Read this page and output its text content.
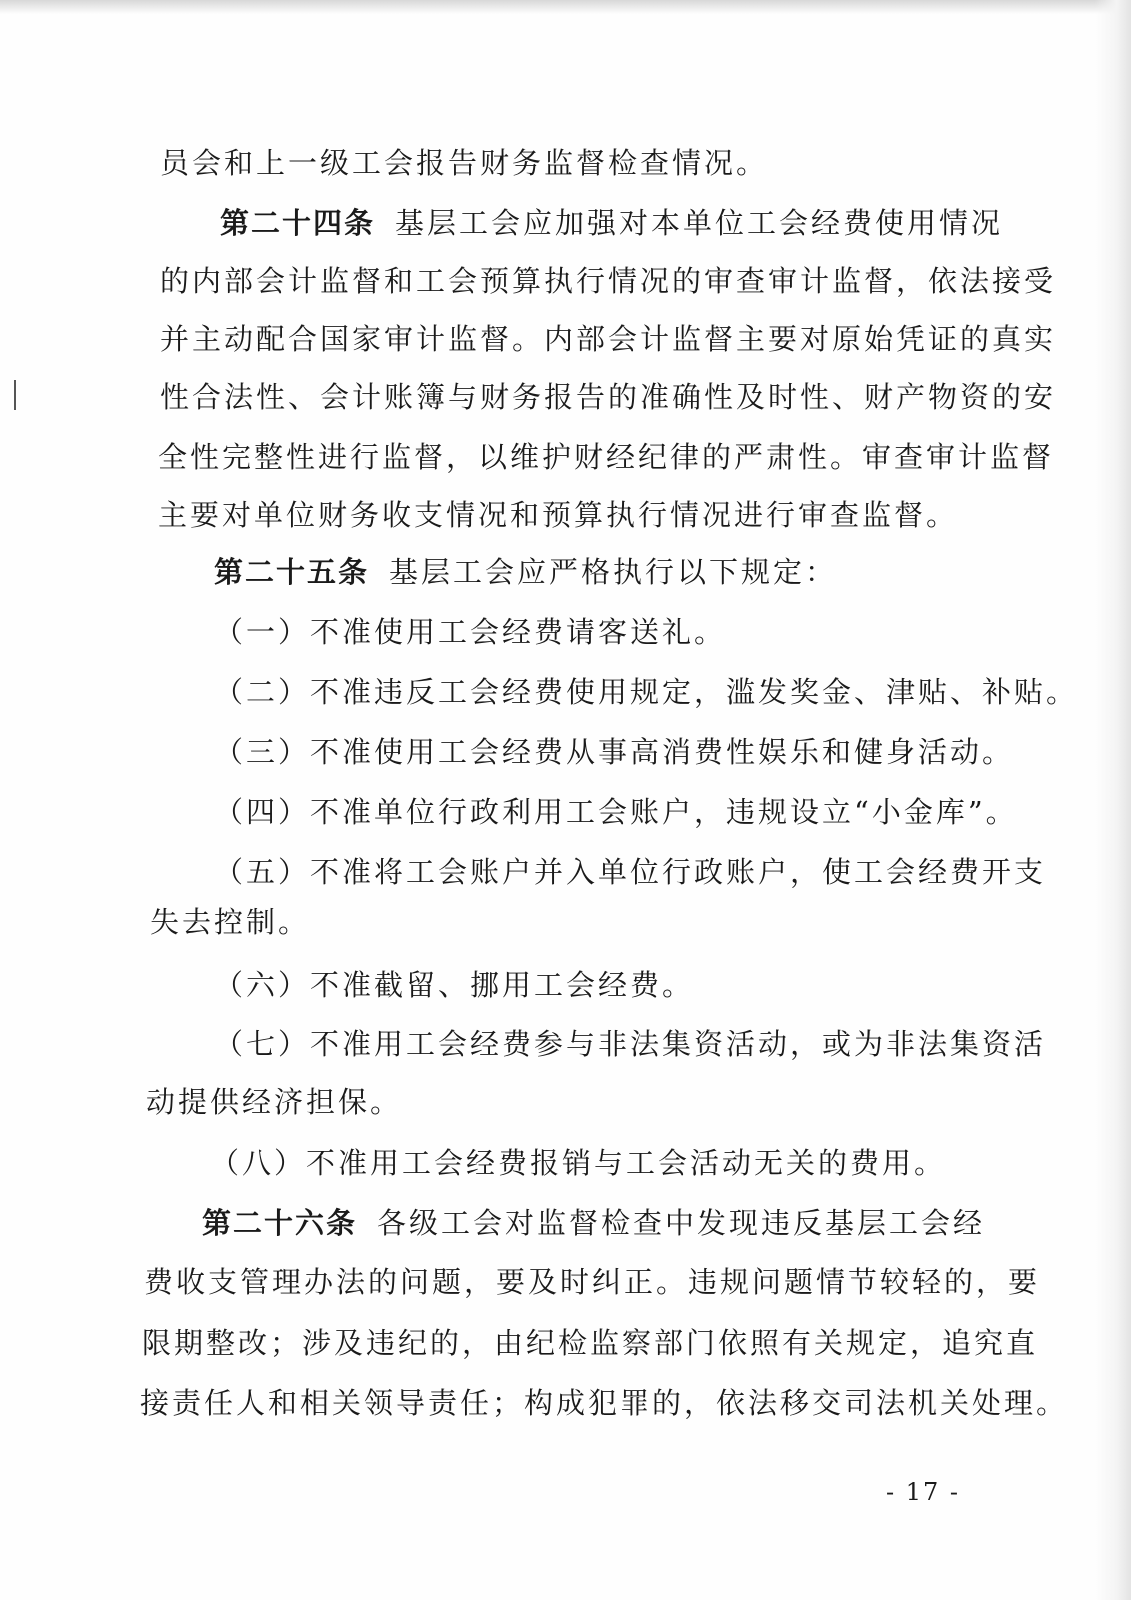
员会和上一级工会报告财务监督检查情况。
第二十四条 基层工会应加强对本单位工会经费使用情况
的内部会计监督和工会预算执行情况的审查审计监督，依法接受
并主动配合国家审计监督。内部会计监督主要对原始凭证的真实
性合法性、会计账簿与财务报告的准确性及时性、财产物资的安
全性完整性进行监督，以维护财经纪律的严肃性。审查审计监督
主要对单位财务收支情况和预算执行情况进行审查监督。
第二十五条 基层工会应严格执行以下规定：
（一）不准使用工会经费请客送礼。
（二）不准违反工会经费使用规定，滥发奖金、津贴、补贴。
（三）不准使用工会经费从事高消费性娱乐和健身活动。
（四）不准单位行政利用工会账户，违规设立“小金库”。
（五）不准将工会账户并入单位行政账户，使工会经费开支
失去控制。
（六）不准截留、挪用工会经费。
（七）不准用工会经费参与非法集资活动，或为非法集资活
动提供经济担保。
（八）不准用工会经费报销与工会活动无关的费用。
第二十六条 各级工会对监督检查中发现违反基层工会经
费收支管理办法的问题，要及时纠正。违规问题情节较轻的，要
限期整改；涉及违纪的，由纪检监察部门依照有关规定，追究直
接责任人和相关领导责任；构成犯罪的，依法移交司法机关处理。
- 17 -
